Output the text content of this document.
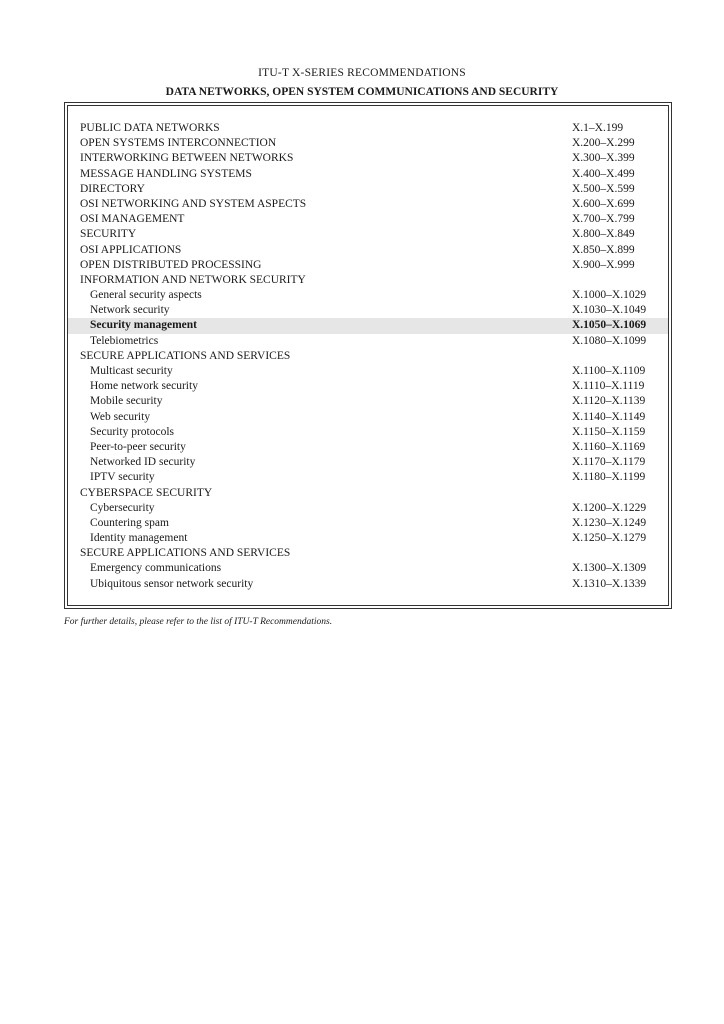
ITU-T X-SERIES RECOMMENDATIONS
DATA NETWORKS, OPEN SYSTEM COMMUNICATIONS AND SECURITY
PUBLIC DATA NETWORKS	X.1–X.199
OPEN SYSTEMS INTERCONNECTION	X.200–X.299
INTERWORKING BETWEEN NETWORKS	X.300–X.399
MESSAGE HANDLING SYSTEMS	X.400–X.499
DIRECTORY	X.500–X.599
OSI NETWORKING AND SYSTEM ASPECTS	X.600–X.699
OSI MANAGEMENT	X.700–X.799
SECURITY	X.800–X.849
OSI APPLICATIONS	X.850–X.899
OPEN DISTRIBUTED PROCESSING	X.900–X.999
INFORMATION AND NETWORK SECURITY
General security aspects	X.1000–X.1029
Network security	X.1030–X.1049
Security management	X.1050–X.1069
Telebiometrics	X.1080–X.1099
SECURE APPLICATIONS AND SERVICES
Multicast security	X.1100–X.1109
Home network security	X.1110–X.1119
Mobile security	X.1120–X.1139
Web security	X.1140–X.1149
Security protocols	X.1150–X.1159
Peer-to-peer security	X.1160–X.1169
Networked ID security	X.1170–X.1179
IPTV security	X.1180–X.1199
CYBERSPACE SECURITY
Cybersecurity	X.1200–X.1229
Countering spam	X.1230–X.1249
Identity management	X.1250–X.1279
SECURE APPLICATIONS AND SERVICES
Emergency communications	X.1300–X.1309
Ubiquitous sensor network security	X.1310–X.1339
For further details, please refer to the list of ITU-T Recommendations.
